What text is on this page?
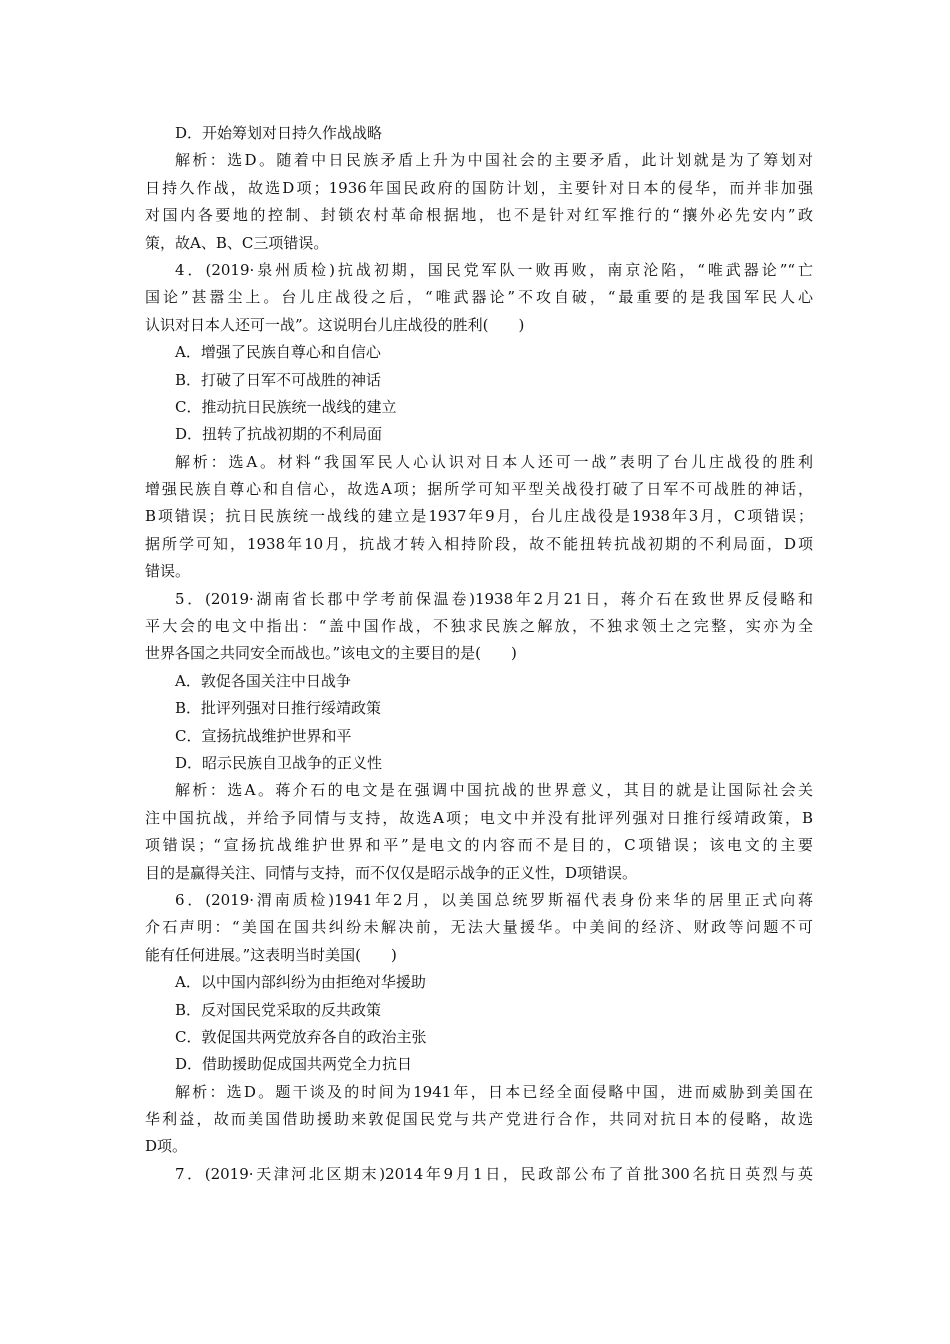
D．开始筹划对日持久作战战略
解析：选D。随着中日民族矛盾上升为中国社会的主要矛盾，此计划就是为了筹划对
日持久作战，故选D项；1936年国民政府的国防计划，主要针对日本的侵华，而并非加强
对国内各要地的控制、封锁农村革命根据地，也不是针对红军推行的“攘外必先安内”政
策，故A、B、C三项错误。
4．(2019·泉州质检)抗战初期，国民党军队一败再败，南京沦陷，“唯武器论”“亡
国论”甚嚣尘上。台儿庄战役之后，“唯武器论”不攻自破，“最重要的是我国军民人心
认识对日本人还可一战”。这说明台儿庄战役的胜利(　　)
A．增强了民族自尊心和自信心
B．打破了日军不可战胜的神话
C．推动抗日民族统一战线的建立
D．扭转了抗战初期的不利局面
解析：选A。材料“我国军民人心认识对日本人还可一战”表明了台儿庄战役的胜利
增强民族自尊心和自信心，故选A项；据所学可知平型关战役打破了日军不可战胜的神话，
B项错误；抗日民族统一战线的建立是1937年9月，台儿庄战役是1938年3月，C项错误；
据所学可知，1938年10月，抗战才转入相持阶段，故不能扭转抗战初期的不利局面，D项
错误。
5．(2019·湖南省长郡中学考前保温卷)1938年2月21日，蒋介石在致世界反侵略和
平大会的电文中指出：“盖中国作战，不独求民族之解放，不独求领土之完整，实亦为全
世界各国之共同安全而战也。”该电文的主要目的是(　　)
A．敦促各国关注中日战争
B．批评列强对日推行绥靖政策
C．宣扬抗战维护世界和平
D．昭示民族自卫战争的正义性
解析：选A。蒋介石的电文是在强调中国抗战的世界意义，其目的就是让国际社会关
注中国抗战，并给予同情与支持，故选A项；电文中并没有批评列强对日推行绥靖政策，B
项错误；“宣扬抗战维护世界和平”是电文的内容而不是目的，C项错误；该电文的主要
目的是赢得关注、同情与支持，而不仅仅是昭示战争的正义性，D项错误。
6．(2019·渭南质检)1941年2月，以美国总统罗斯福代表身份来华的居里正式向蒋
介石声明：“美国在国共纠纷未解决前，无法大量援华。中美间的经济、财政等问题不可
能有任何进展。”这表明当时美国(　　)
A．以中国内部纠纷为由拒绝对华援助
B．反对国民党采取的反共政策
C．敦促国共两党放弃各自的政治主张
D．借助援助促成国共两党全力抗日
解析：选D。题干谈及的时间为1941年，日本已经全面侵略中国，进而威胁到美国在
华利益，故而美国借助援助来敦促国民党与共产党进行合作，共同对抗日本的侵略，故选
D项。
7．(2019·天津河北区期末)2014年9月1日，民政部公布了首批300名抗日英烈与英
